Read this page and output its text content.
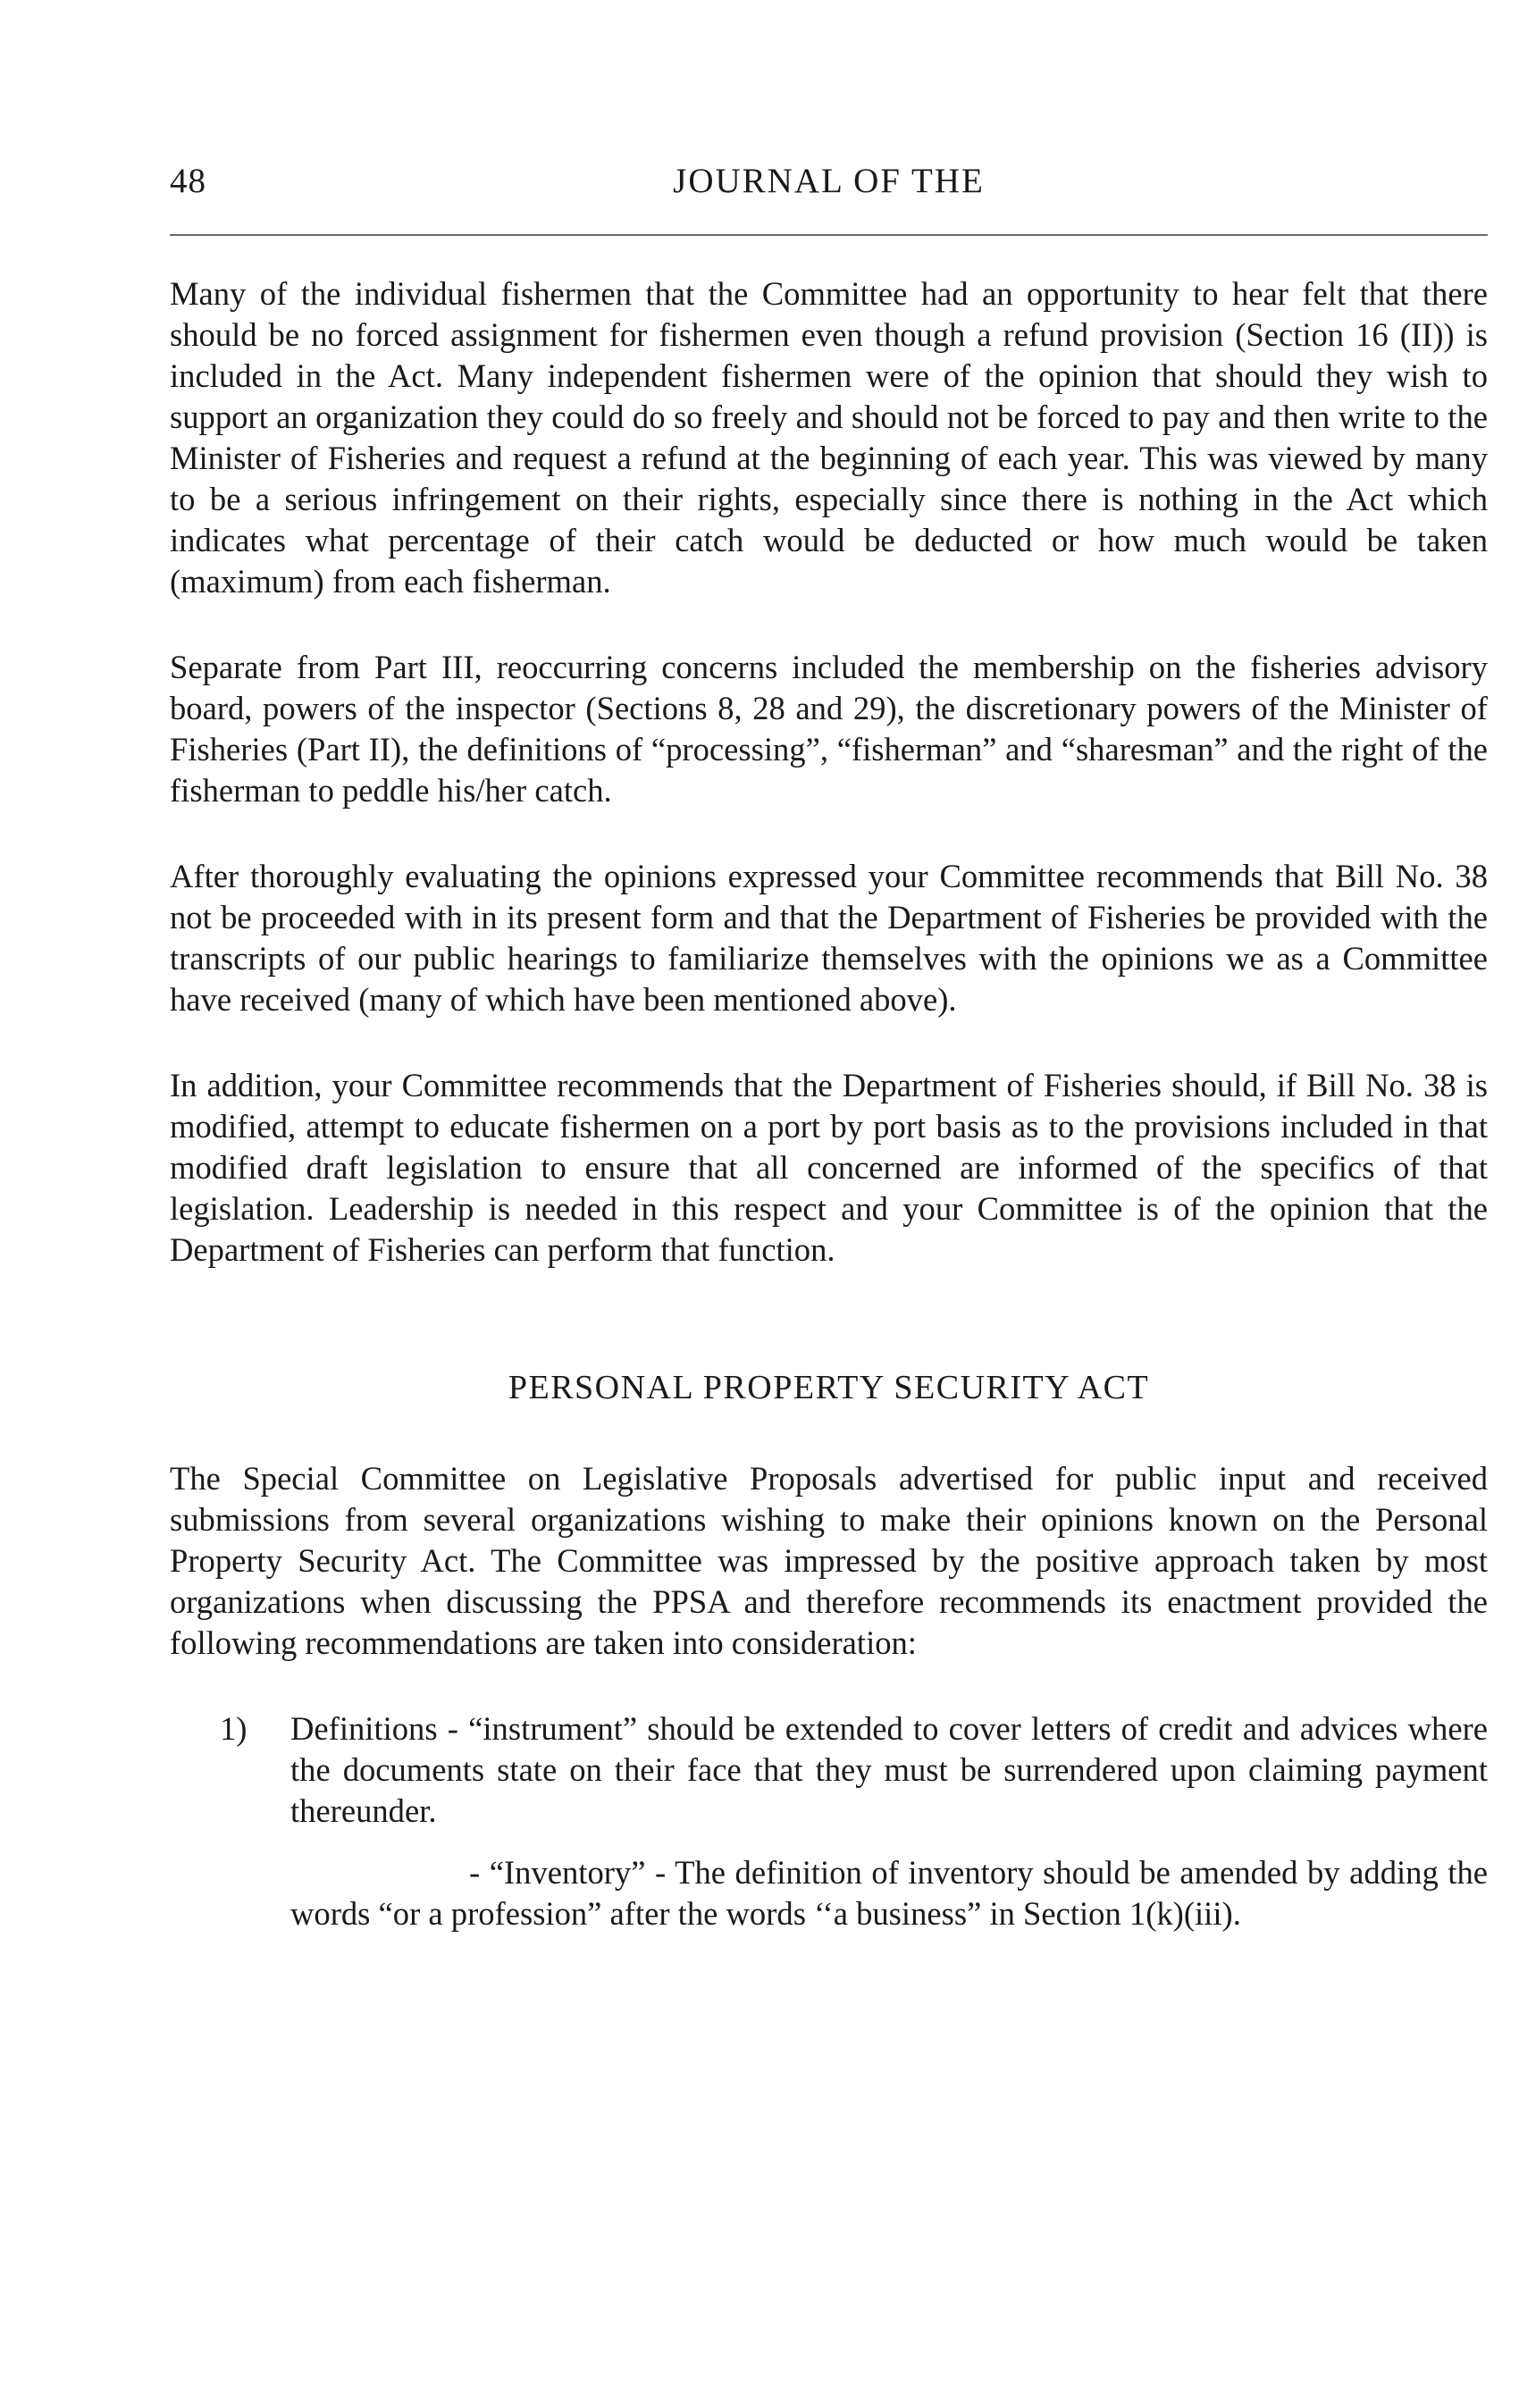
48	JOURNAL OF THE

Many of the individual fishermen that the Committee had an opportunity to hear felt that there should be no forced assignment for fishermen even though a refund provision (Section 16 (II)) is included in the Act. Many independent fishermen were of the opinion that should they wish to support an organization they could do so freely and should not be forced to pay and then write to the Minister of Fisheries and request a refund at the beginning of each year. This was viewed by many to be a serious infringement on their rights, especially since there is nothing in the Act which indicates what percentage of their catch would be deducted or how much would be taken (maximum) from each fisherman.

Separate from Part III, reoccurring concerns included the membership on the fisheries advisory board, powers of the inspector (Sections 8, 28 and 29), the discretionary powers of the Minister of Fisheries (Part II), the definitions of “processing”, “fisherman” and “sharesman” and the right of the fisherman to peddle his/her catch.

After thoroughly evaluating the opinions expressed your Committee recommends that Bill No. 38 not be proceeded with in its present form and that the Department of Fisheries be provided with the transcripts of our public hearings to familiarize themselves with the opinions we as a Committee have received (many of which have been mentioned above).

In addition, your Committee recommends that the Department of Fisheries should, if Bill No. 38 is modified, attempt to educate fishermen on a port by port basis as to the provisions included in that modified draft legislation to ensure that all concerned are informed of the specifics of that legislation. Leadership is needed in this respect and your Committee is of the opinion that the Department of Fisheries can perform that function.

PERSONAL PROPERTY SECURITY ACT

The Special Committee on Legislative Proposals advertised for public input and received submissions from several organizations wishing to make their opinions known on the Personal Property Security Act. The Committee was impressed by the positive approach taken by most organizations when discussing the PPSA and therefore recommends its enactment provided the following recommendations are taken into consideration:

1) Definitions - “instrument” should be extended to cover letters of credit and advices where the documents state on their face that they must be surrendered upon claiming payment thereunder.

- “Inventory” - The definition of inventory should be amended by adding the words “or a profession” after the words ‘‘a business” in Section 1(k)(iii).
